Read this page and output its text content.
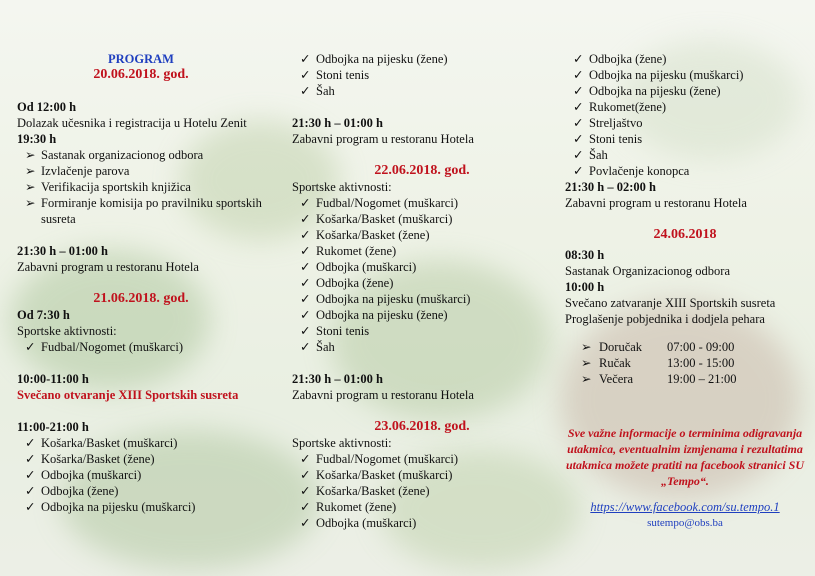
PROGRAM
20.06.2018. god.
Od 12:00 h
Dolazak učesnika i registracija u Hotelu Zenit
19:30 h
➢ Sastanak organizacionog odbora
➢ Izvlačenje parova
➢ Verifikacija sportskih knjižica
➢ Formiranje komisija po pravilniku sportskih susreta
21:30 h – 01:00 h
Zabavni program u restoranu Hotela
21.06.2018. god.
Od 7:30 h
Sportske aktivnosti:
✓ Fudbal/Nogomet (muškarci)
10:00-11:00 h
Svečano otvaranje XIII Sportskih susreta
11:00-21:00 h
✓ Košarka/Basket (muškarci)
✓ Košarka/Basket (žene)
✓ Odbojka (muškarci)
✓ Odbojka (žene)
✓ Odbojka na pijesku (muškarci)
✓ Odbojka na pijesku (žene)
✓ Stoni tenis
✓ Šah
21:30 h – 01:00 h
Zabavni program u restoranu Hotela
22.06.2018. god.
Sportske aktivnosti:
✓ Fudbal/Nogomet (muškarci)
✓ Košarka/Basket (muškarci)
✓ Košarka/Basket (žene)
✓ Rukomet (žene)
✓ Odbojka (muškarci)
✓ Odbojka (žene)
✓ Odbojka na pijesku (muškarci)
✓ Odbojka na pijesku (žene)
✓ Stoni tenis
✓ Šah
21:30 h – 01:00 h
Zabavni program u restoranu Hotela
23.06.2018. god.
Sportske aktivnosti:
✓ Fudbal/Nogomet (muškarci)
✓ Košarka/Basket (muškarci)
✓ Košarka/Basket (žene)
✓ Rukomet (žene)
✓ Odbojka (muškarci)
✓ Odbojka (žene)
✓ Odbojka na pijesku (muškarci)
✓ Odbojka na pijesku (žene)
✓ Rukomet(žene)
✓ Streljaštvo
✓ Stoni tenis
✓ Šah
✓ Povlačenje konopca
21:30 h – 02:00 h
Zabavni program u restoranu Hotela
24.06.2018
08:30 h
Sastanak Organizacionog odbora
10:00 h
Svečano zatvaranje XIII Sportskih susreta
Proglašenje pobjednika i dodjela pehara
➢	Doručak	07:00 - 09:00
➢	Ručak	13:00 - 15:00
➢	Večera	19:00 – 21:00
Sve važne informacije o terminima odigravanja utakmica, eventualnim izmjenama i rezultatima utakmica možete pratiti na facebook stranici SU „Tempo“.
https://www.facebook.com/su.tempo.1
sutempo@obs.ba
